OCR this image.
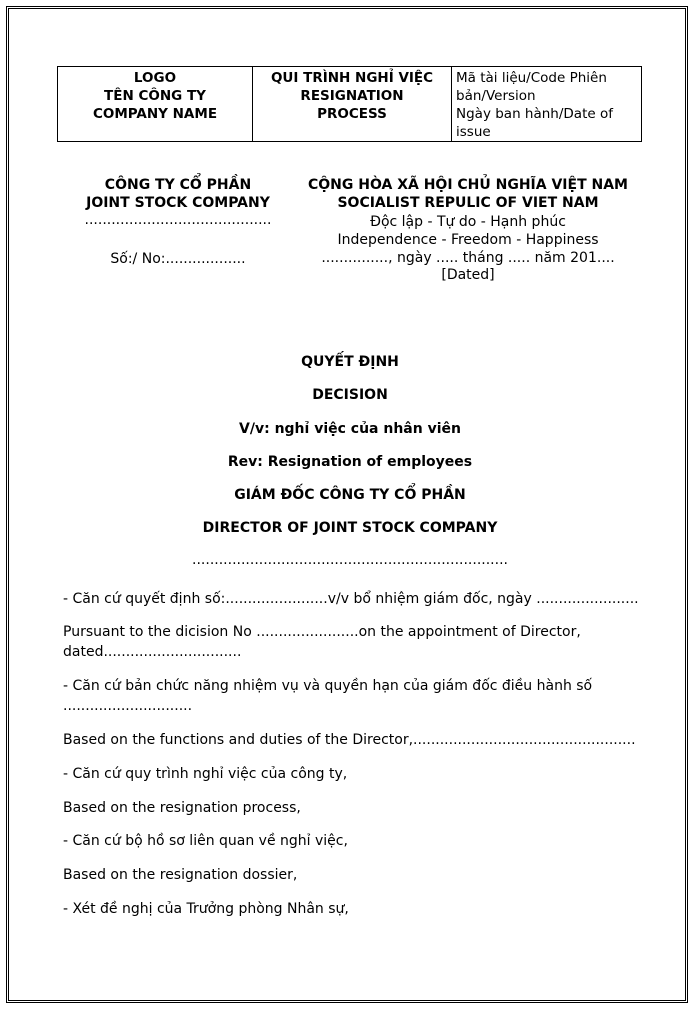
LOGO
TÊN CÔNG TY
COMPANY NAME

QUI TRÌNH NGHỈ VIỆC
RESIGNATION
PROCESS

Mã tài liệu/Code Phiên
bản/Version
Ngày ban hành/Date of
issue
CÔNG TY CỔ PHẦN
JOINT STOCK COMPANY
..........................................
Số:/ No:..................
CỘNG HÒA XÃ HỘI CHỦ NGHĨA VIỆT NAM
SOCIALIST REPULIC OF VIET NAM
Độc lập - Tự do - Hạnh phúc
Independence - Freedom - Happiness
..............., ngày ..... tháng ..... năm 201....
[Dated]
QUYẾT ĐỊNH
DECISION
V/v: nghỉ việc của nhân viên
Rev: Resignation of employees
GIÁM ĐỐC CÔNG TY CỔ PHẦN
DIRECTOR OF JOINT STOCK COMPANY
.......................................................................
- Căn cứ quyết định số:.......................v/v bổ nhiệm giám đốc, ngày .......................
Pursuant to the dicision No .......................on the appointment of Director,
dated...............................
- Căn cứ bản chức năng nhiệm vụ và quyền hạn của giám đốc điều hành số
.............................
Based on the functions and duties of the Director,..................................................
- Căn cứ quy trình nghỉ việc của công ty,
Based on the resignation process,
- Căn cứ bộ hồ sơ liên quan về nghỉ việc,
Based on the resignation dossier,
- Xét đề nghị của Trưởng phòng Nhân sự,
